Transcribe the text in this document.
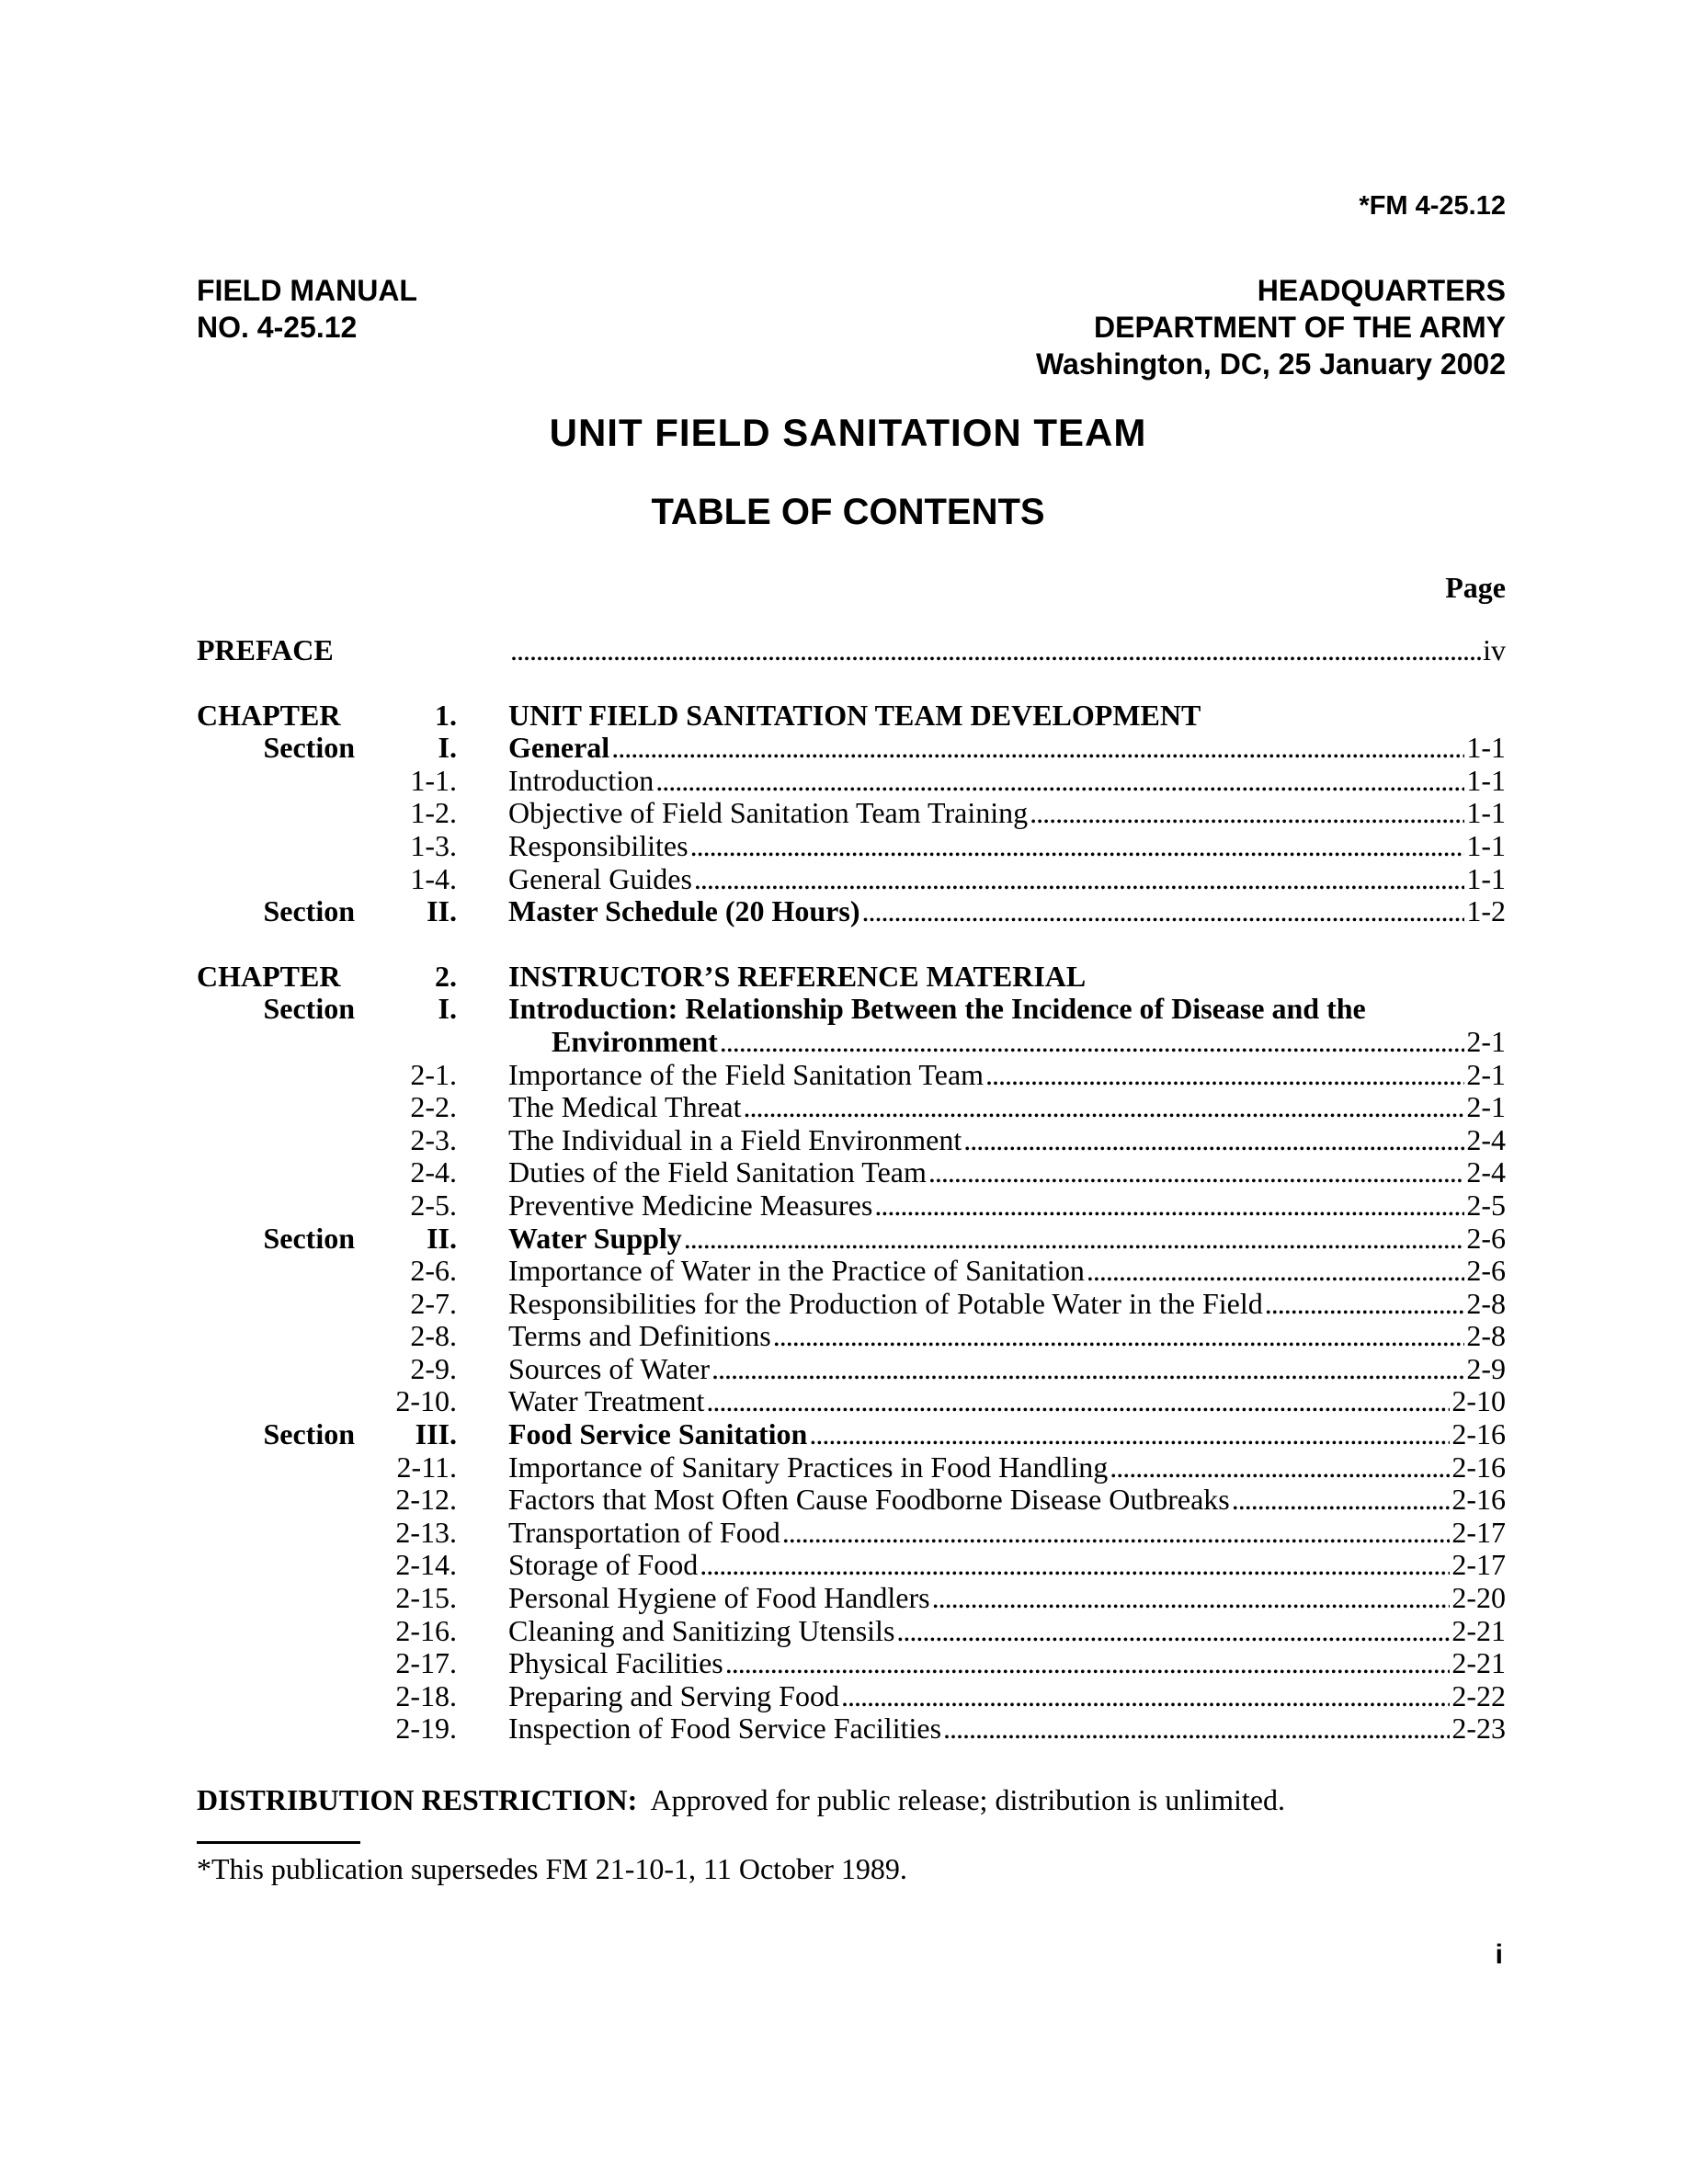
*FM 4-25.12
FIELD MANUAL
NO. 4-25.12
HEADQUARTERS
DEPARTMENT OF THE ARMY
Washington, DC, 25 January 2002
UNIT FIELD SANITATION TEAM
TABLE OF CONTENTS
Page
PREFACE . . .	iv
CHAPTER	1. UNIT FIELD SANITATION TEAM DEVELOPMENT
Section	I. General . . .	1-1
1-1. Introduction . . .	1-1
1-2. Objective of Field Sanitation Team Training . . .	1-1
1-3. Responsibilites . . .	1-1
1-4. General Guides . . .	1-1
Section	II. Master Schedule (20 Hours) . . .	1-2
CHAPTER	2. INSTRUCTOR’S REFERENCE MATERIAL
Section	I. Introduction: Relationship Between the Incidence of Disease and the
Environment . . .	2-1
2-1. Importance of the Field Sanitation Team . . .	2-1
2-2. The Medical Threat . . .	2-1
2-3. The Individual in a Field Environment . . .	2-4
2-4. Duties of the Field Sanitation Team . . .	2-4
2-5. Preventive Medicine Measures . . .	2-5
Section	II. Water Supply . . .	2-6
2-6. Importance of Water in the Practice of Sanitation . . .	2-6
2-7. Responsibilities for the Production of Potable Water in the Field . . .	2-8
2-8. Terms and Definitions . . .	2-8
2-9. Sources of Water . . .	2-9
2-10. Water Treatment . . .	2-10
Section	III. Food Service Sanitation . . .	2-16
2-11. Importance of Sanitary Practices in Food Handling . . .	2-16
2-12. Factors that Most Often Cause Foodborne Disease Outbreaks . . .	2-16
2-13. Transportation of Food . . .	2-17
2-14. Storage of Food . . .	2-17
2-15. Personal Hygiene of Food Handlers . . .	2-20
2-16. Cleaning and Sanitizing Utensils . . .	2-21
2-17. Physical Facilities . . .	2-21
2-18. Preparing and Serving Food . . .	2-22
2-19. Inspection of Food Service Facilities . . .	2-23
DISTRIBUTION RESTRICTION: Approved for public release; distribution is unlimited.
*This publication supersedes FM 21-10-1, 11 October 1989.
i
